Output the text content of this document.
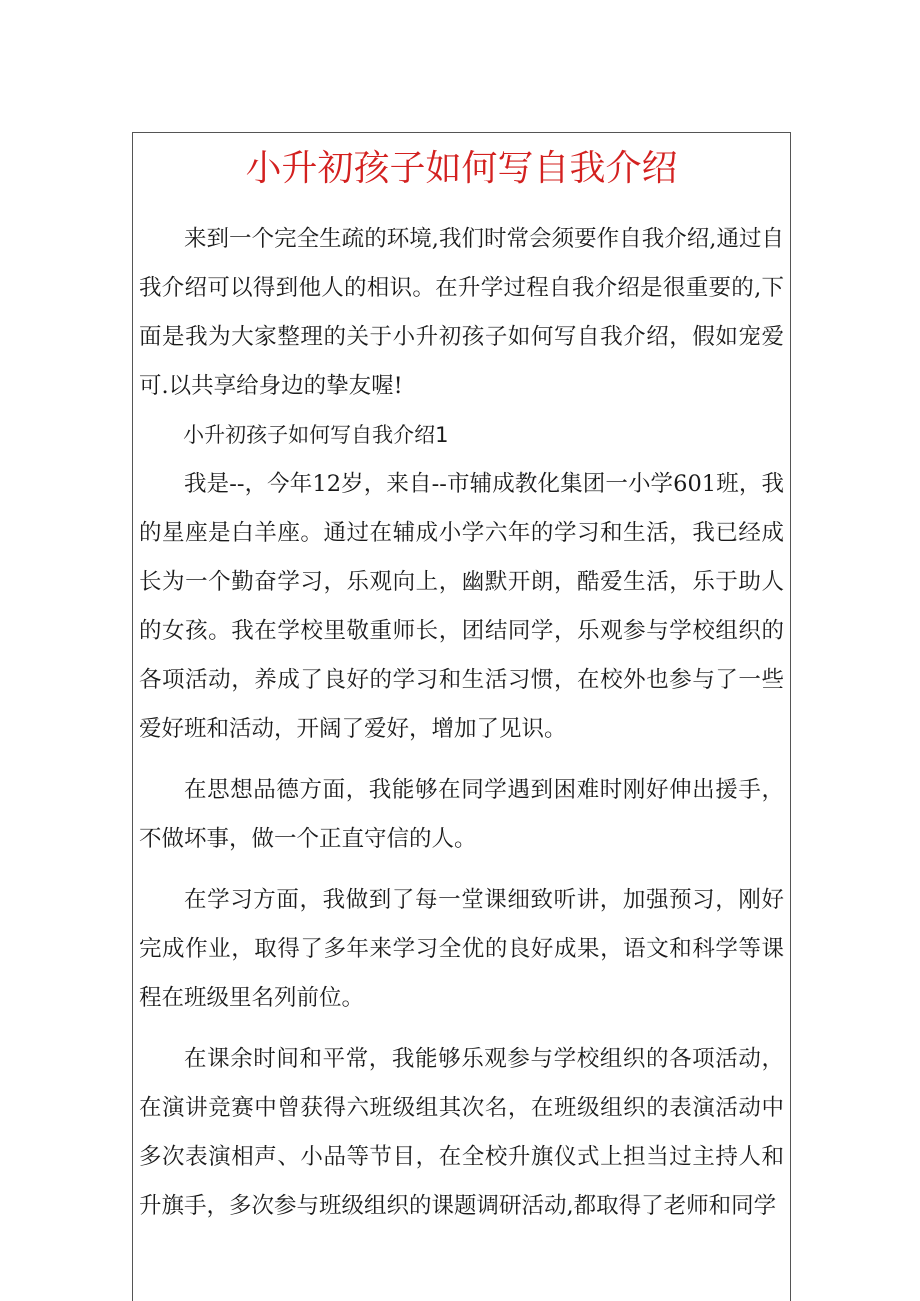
小升初孩子如何写自我介绍

来到一个完全生疏的环境,我们时常会须要作自我介绍,通过自我介绍可以得到他人的相识。在升学过程自我介绍是很重要的,下面是我为大家整理的关于小升初孩子如何写自我介绍，假如宠爱可.以共享给身边的挚友喔!

小升初孩子如何写自我介绍1

我是--，今年12岁，来自--市辅成教化集团一小学601班，我的星座是白羊座。通过在辅成小学六年的学习和生活，我已经成长为一个勤奋学习，乐观向上，幽默开朗，酷爱生活，乐于助人的女孩。我在学校里敬重师长，团结同学，乐观参与学校组织的各项活动，养成了良好的学习和生活习惯，在校外也参与了一些爱好班和活动，开阔了爱好，增加了见识。

在思想品德方面，我能够在同学遇到困难时刚好伸出援手，不做坏事，做一个正直守信的人。

在学习方面，我做到了每一堂课细致听讲，加强预习，刚好完成作业，取得了多年来学习全优的良好成果，语文和科学等课程在班级里名列前位。

在课余时间和平常，我能够乐观参与学校组织的各项活动，在演讲竞赛中曾获得六班级组其次名，在班级组织的表演活动中多次表演相声、小品等节目，在全校升旗仪式上担当过主持人和升旗手，多次参与班级组织的课题调研活动,都取得了老师和同学
